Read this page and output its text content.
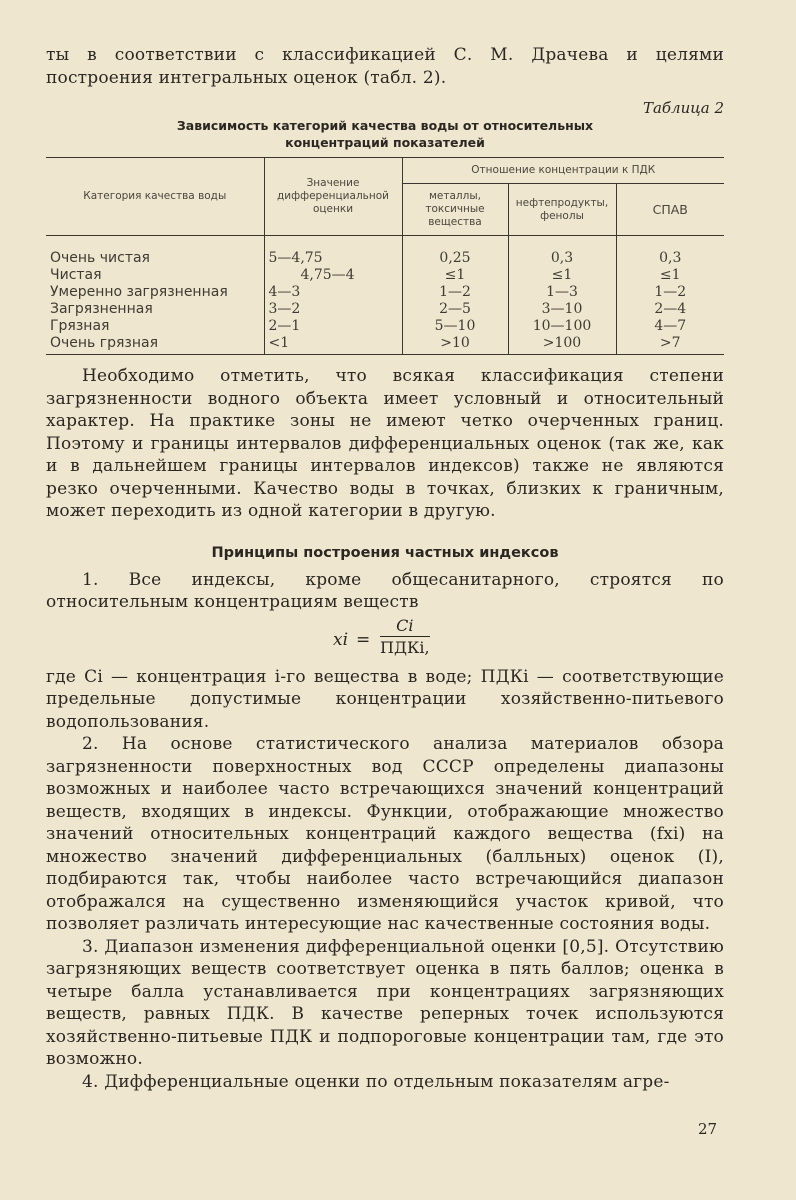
ты в соответствии с классификацией С. М. Драчева и целями построения интегральных оценок (табл. 2).

Таблица 2

Зависимость категорий качества воды от относительных
концентраций показателей

Категория качества воды	Значение дифференциальной оценки	Отношение концентрации к ПДК		
		металлы, токсичные вещества	нефтепродукты, фенолы	СПАВ
Очень чистая	5—4,75	0,25	0,3	0,3
Чистая	4,75—4	≤1	≤1	≤1
Умеренно загрязненная	4—3	1—2	1—3	1—2
Загрязненная	3—2	2—5	3—10	2—4
Грязная	2—1	5—10	10—100	4—7
Очень грязная	<1	>10	>100	>7

Необходимо отметить, что всякая классификация степени загрязненности водного объекта имеет условный и относительный характер. На практике зоны не имеют четко очерченных границ. Поэтому и границы интервалов дифференциальных оценок (так же, как и в дальнейшем границы интервалов индексов) также не являются резко очерченными. Качество воды в точках, близких к граничным, может переходить из одной категории в другую.

Принципы построения частных индексов

1. Все индексы, кроме общесанитарного, строятся по относительным концентрациям веществ

xi =
Ci
ПДКi,

где Ci — концентрация i-го вещества в воде; ПДКi — соответствующие предельные допустимые концентрации хозяйственно-питьевого водопользования.

2. На основе статистического анализа материалов обзора загрязненности поверхностных вод СССР определены диапазоны возможных и наиболее часто встречающихся значений концентраций веществ, входящих в индексы. Функции, отображающие множество значений относительных концентраций каждого вещества (fxi) на множество значений дифференциальных (балльных) оценок (I), подбираются так, чтобы наиболее часто встречающийся диапазон отображался на существенно изменяющийся участок кривой, что позволяет различать интересующие нас качественные состояния воды.

3. Диапазон изменения дифференциальной оценки [0,5]. Отсутствию загрязняющих веществ соответствует оценка в пять баллов; оценка в четыре балла устанавливается при концентрациях загрязняющих веществ, равных ПДК. В качестве реперных точек используются хозяйственно-питьевые ПДК и подпороговые концентрации там, где это возможно.

4. Дифференциальные оценки по отдельным показателям агре-

27
